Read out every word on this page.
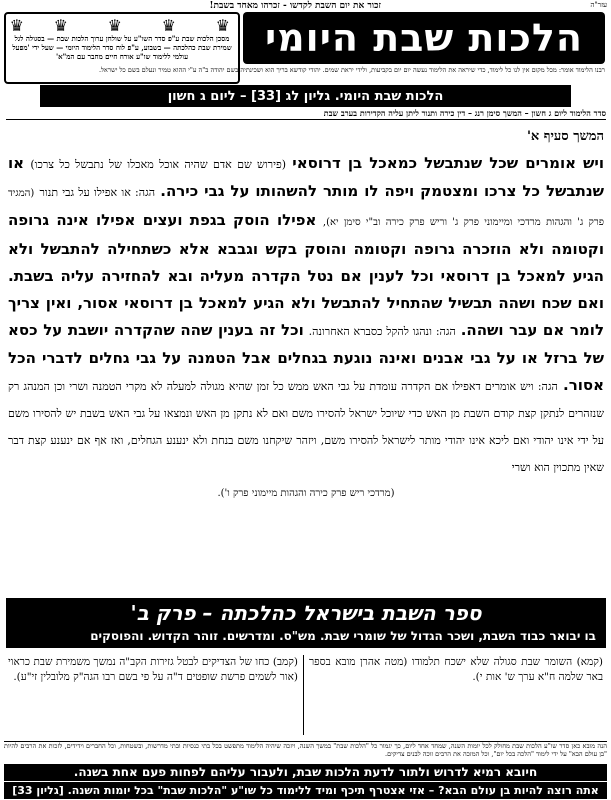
עזר"ה
זכור את יום השבת לקדשו - זכרהו מאחד בשבת!
הלכות שבת היומי
♛
♛
♛
♛
♛
מסכן הלכות שבת ע"פ סדר השו"ע על שולחן ערוך הלכות שבת — בסגולה לגל שמירת שבת כהלכתה — בשבוע, ע"פ לוח סדר הלימוד היומי — שעל ידי 'מפעל עולמי ללימוד שו"ע אורח חיים מחבר עם המ"א'
רבנו הלימוד אומר: מכל מקום אין לנו כל לימוד, כדי שיראה את הלימוד נעשה יום יום בקביעות, ולידי יראת שמים. יהודי קודשא בריך הוא ושכינתיה בשם יהודה ב"ה ע"י ההוא טמיר ונעלם בשם כל ישראל.
הלכות שבת היומי. גליון לג [33] – ליום ג חשון
סדר הלימוד ליום ג חשון – המשך סימן רנג – דין כירה ותנור ליתן עליה הקדירות בערב שבת
המשך סעיף א'
ויש אומרים שכל שנתבשל כמאכל בן דרוסאי (פירוש שם אדם שהיה אוכל מאכלו של נתבשל כל צרכו) או שנתבשל כל צרכו ומצטמק ויפה לו מותר להשהותו על גבי כירה. הגה: או אפילו על גבי תנור (המגיד פרק ג' והגהות מרדכי ומיימוני פרק ג' וריש פרק כירה וב"י סימן יא), אפילו הוסק בגפת ועצים אפילו אינה גרופה וקטומה ולא הוזכרה גרופה וקטומה והוסק בקש וגבבא אלא כשתחילה להתבשל ולא הגיע למאכל בן דרוסאי וכל לענין אם נטל הקדרה מעליה ובא להחזירה עליה בשבת. ואם שכח ושהה תבשיל שהתחיל להתבשל ולא הגיע למאכל בן דרוסאי אסור, ואין צריך לומר אם עבר ושהה. הגה: ונהגו להקל כסברא האחרונה. וכל זה בענין שהה שהקדרה יושבת על כסא של ברזל או על גבי אבנים ואינה נוגעת בגחלים אבל הטמנה על גבי גחלים לדברי הכל אסור. הגה: ויש אומרים דאפילו אם הקדרה עומדת על גבי האש ממש כל זמן שהיא מגולה למעלה לא מקרי הטמנה ושרי וכן המנהג רק שנזהרים לנתקן קצת קודם השבת מן האש כדי שיוכל ישראל להסירו משם ואם לא נתקן מן האש ונמצאו על גבי האש בשבת יש להסירו משם על ידי אינו יהודי ואם ליכא אינו יהודי מותר לישראל להסירו משם, ויזהר שיקחנו משם בנחת ולא ינענע הגחלים, ואז אף אם ינענע קצת דבר שאין מתכוין הוא ושרי
(מרדכי ריש פרק כירה והגהות מיימוני פרק ו').
ספר השבת בישראל כהלכתה – פרק ב'
בו יבואר כבוד השבת, ושכר הגדול של שומרי שבת. מש"ס. ומדרשים. זוהר הקדוש. והפוסקים
(קמא) השומר שבת סגולה שלא ישכח תלמודו (מטה אהרן מובא בספר באר שלמה ח"א ערך ש' אות י).
(קמב) כחו של הצדיקים לבטל גזירות הקב"ה נמשך משמירת שבת כראוי (אור לשמים פרשת שופטים ד"ה על פי בשם רבו הגה"ק מלובלין זי"ע).
הנה מובא כאן סדר שו"ע הלכות שבת מחולק לכל יומות השנה, שמחד אחד ליום, כך יגמור כל "הלכות שבת" במשך השנה, ויזכה שיהיה הלימוד מתפשט בכל בתי כנסיות ובתי מדרשות, ובשטחות, וכל החברים וידידים, לזכות את הרבים להיות "בן עולם הבא" על ידי לימוד "הלכה בכל יום", וכל המזכה את הרבים זוכה לבנים צדיקים.
חיובא רמיא לדרוש ולתור לדעת הלכות שבת, ולעבור עליהם לפחות פעם אחת בשנה.
אתה רוצה להיות בן עולם הבא? – אזי אצטרף תיכף ומיד ללימוד כל שו"ע "הלכות שבת" בכל יומות השנה. [גליון 33]
